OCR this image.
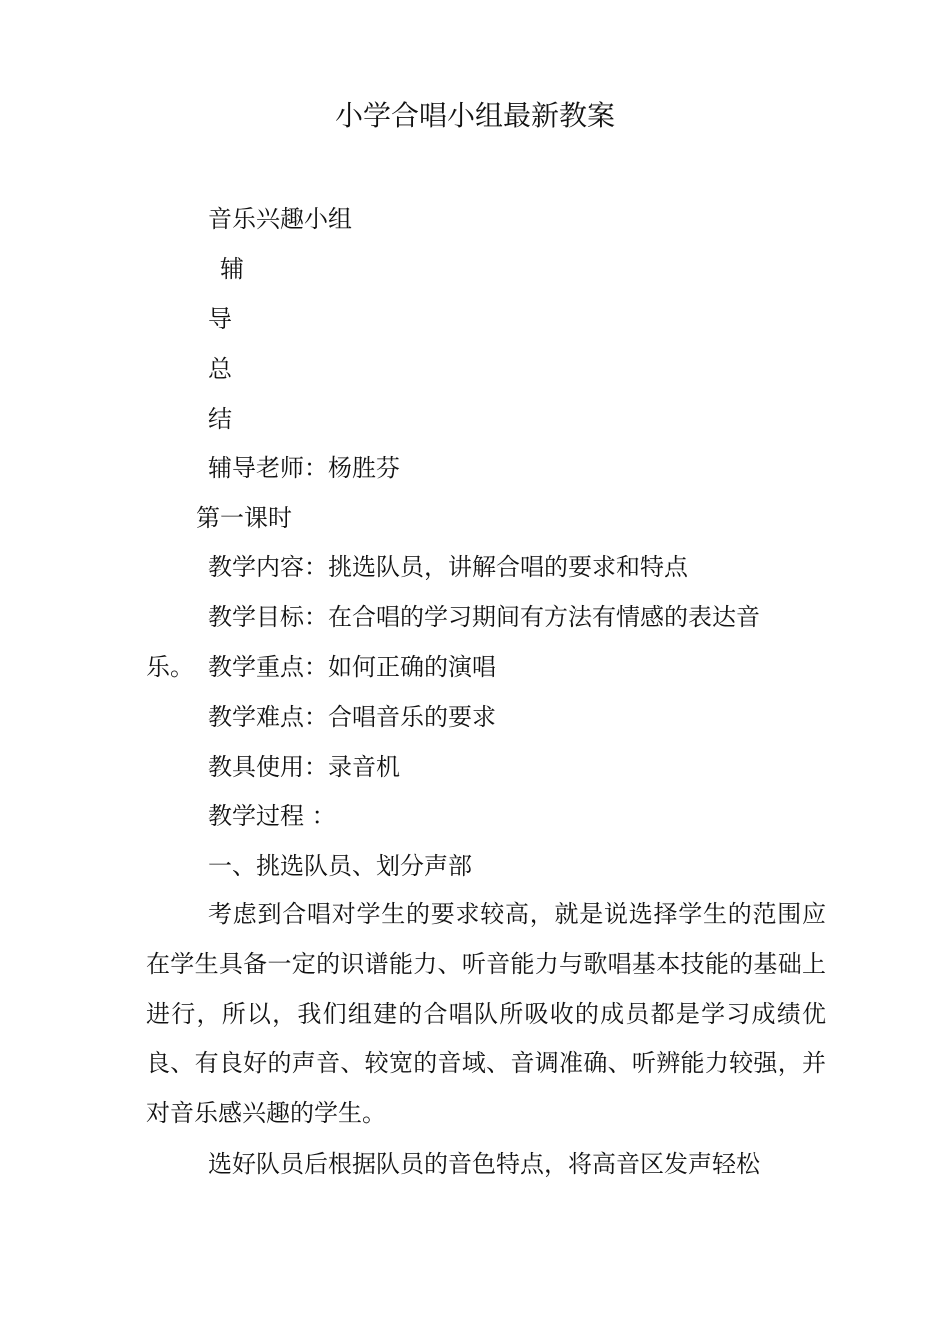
小学合唱小组最新教案
音乐兴趣小组
辅
导
总
结
辅导老师：杨胜芬
第一课时
教学内容：挑选队员，讲解合唱的要求和特点
教学目标：在合唱的学习期间有方法有情感的表达音
乐。 教学重点：如何正确的演唱
教学难点：合唱音乐的要求
教具使用：录音机
教学过程 ：
一、挑选队员、划分声部
考虑到合唱对学生的要求较高，就是说选择学生的范围应在学生具备一定的识谱能力、听音能力与歌唱基本技能的基础上进行，所以，我们组建的合唱队所吸收的成员都是学习成绩优良、有良好的声音、较宽的音域、音调准确、听辨能力较强，并对音乐感兴趣的学生。
选好队员后根据队员的音色特点，将高音区发声轻松
